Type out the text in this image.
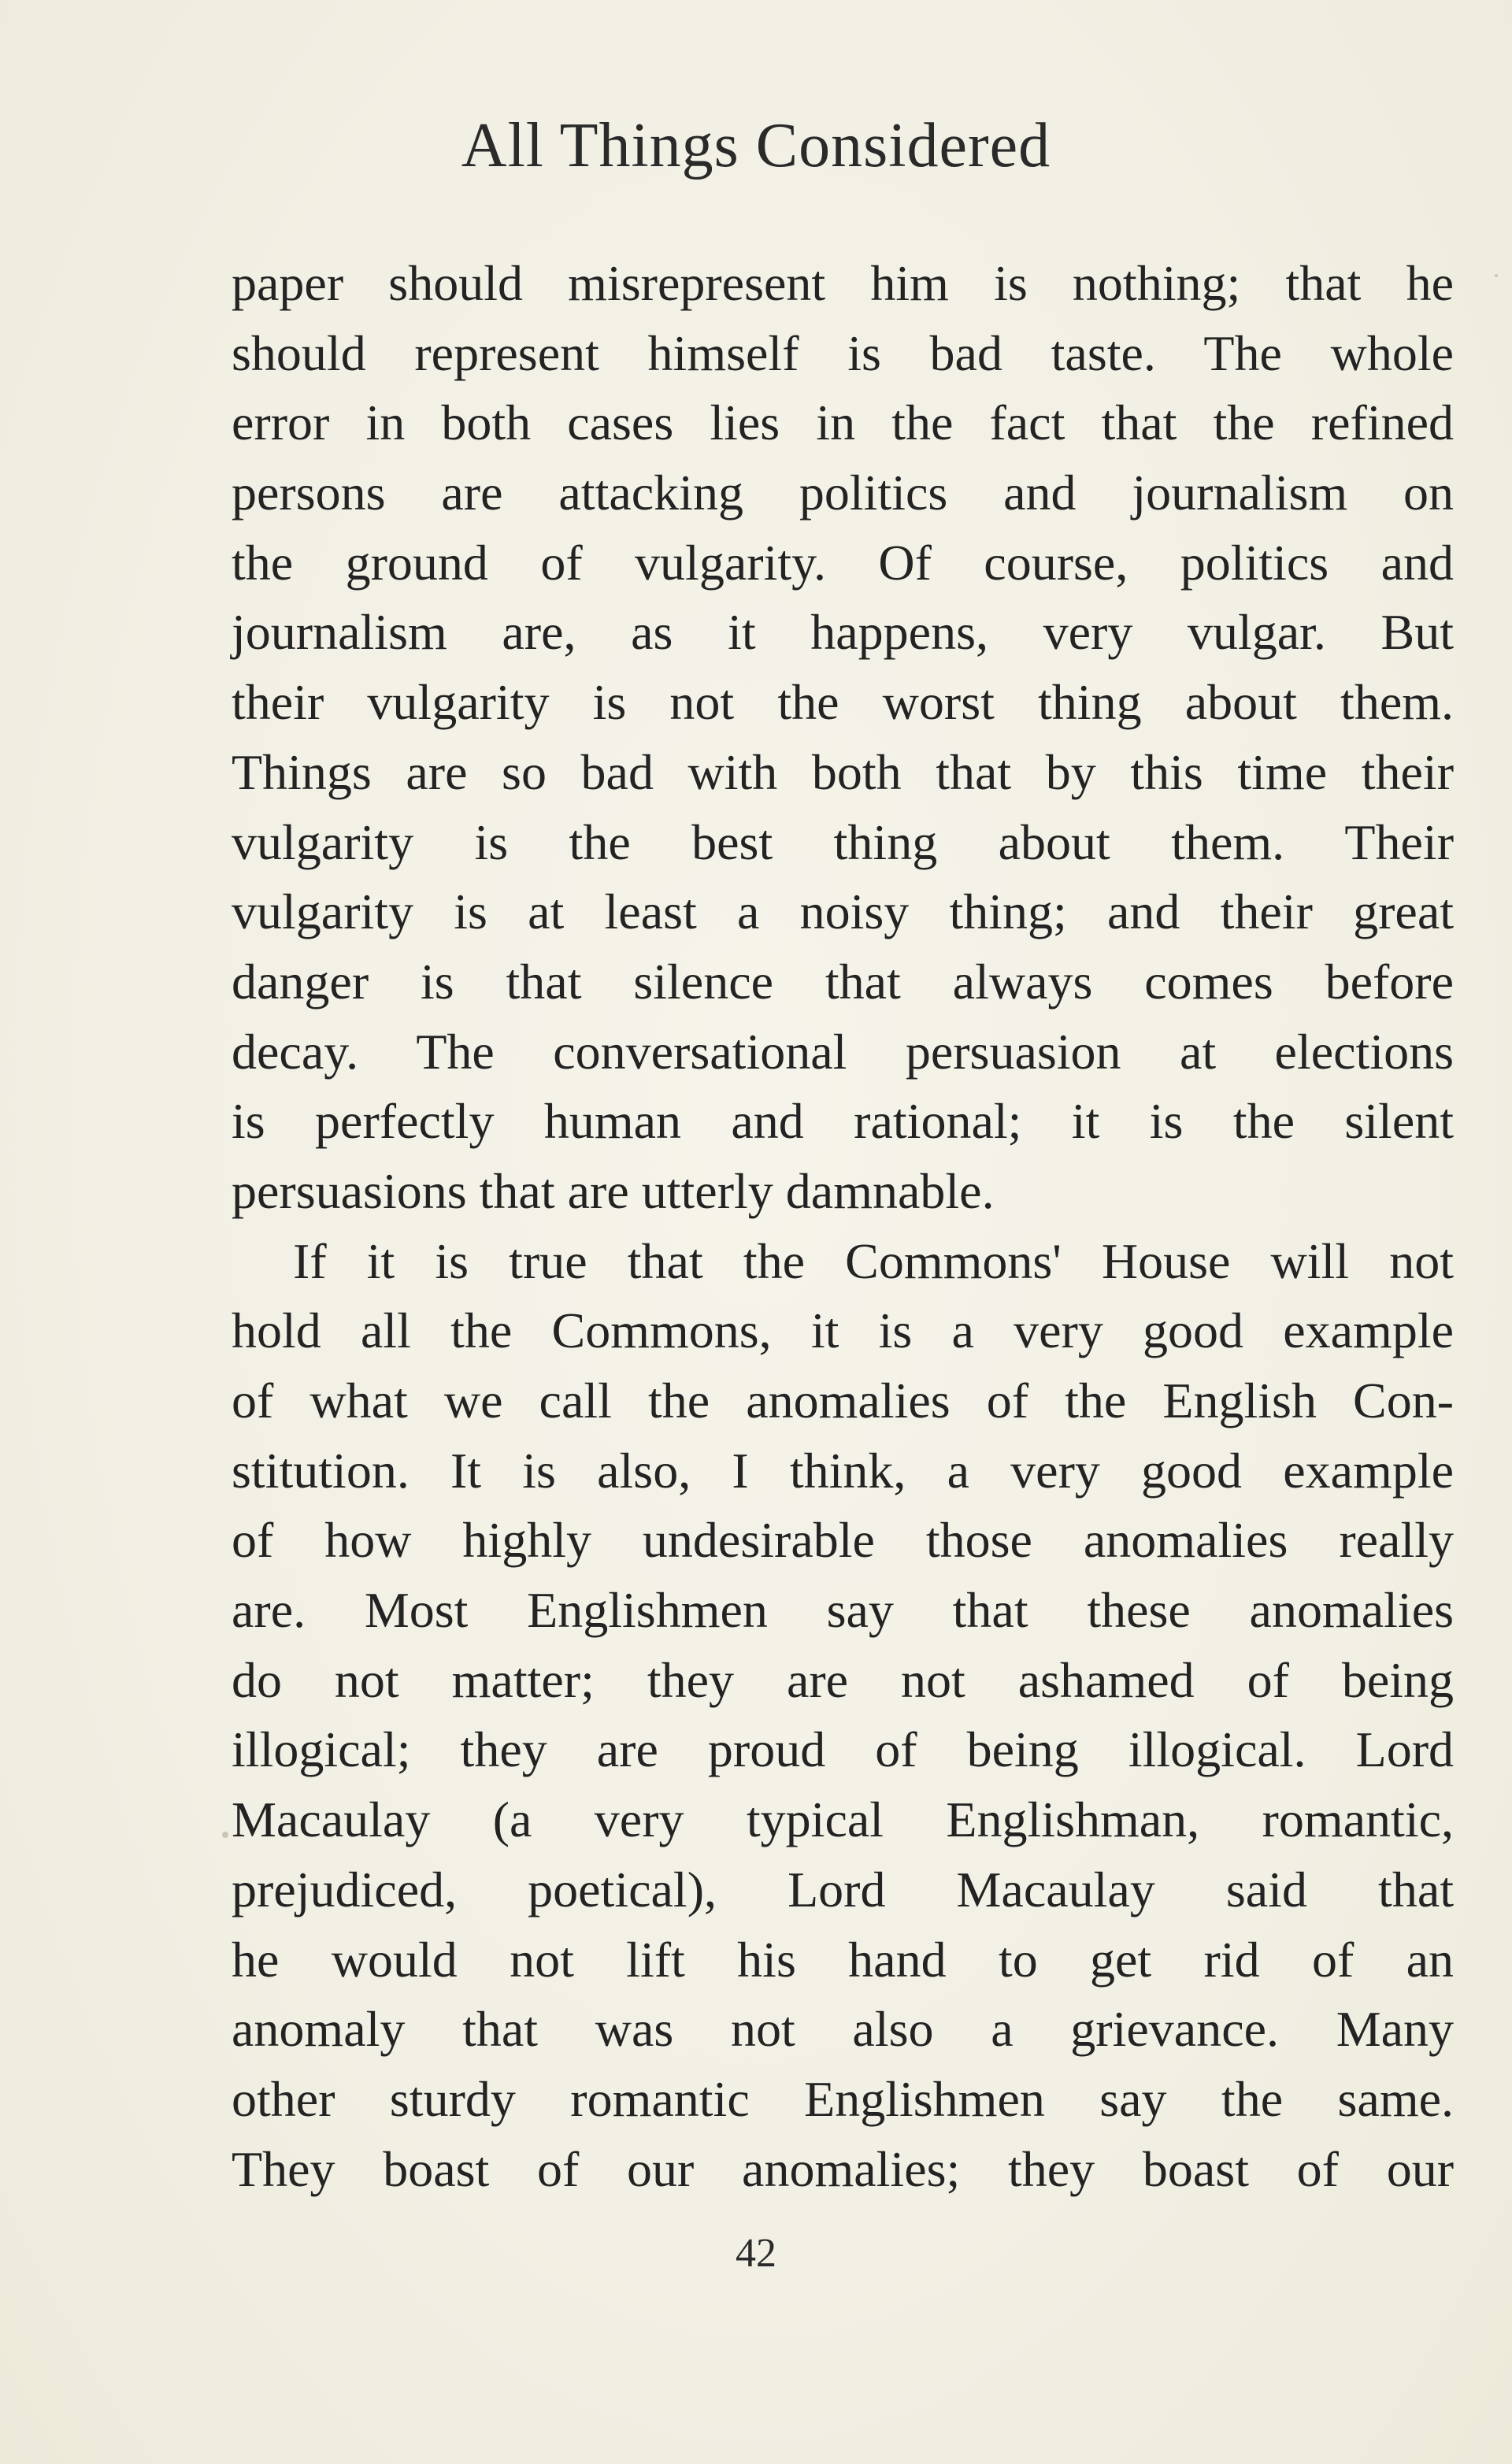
All Things Considered
paper should misrepresent him is nothing; that he
should represent himself is bad taste. The whole
error in both cases lies in the fact that the refined
persons are attacking politics and journalism on
the ground of vulgarity. Of course, politics and
journalism are, as it happens, very vulgar. But
their vulgarity is not the worst thing about them.
Things are so bad with both that by this time their
vulgarity is the best thing about them. Their
vulgarity is at least a noisy thing; and their great
danger is that silence that always comes before
decay. The conversational persuasion at elections
is perfectly human and rational; it is the silent
persuasions that are utterly damnable.
If it is true that the Commons' House will not
hold all the Commons, it is a very good example
of what we call the anomalies of the English Con-
stitution. It is also, I think, a very good example
of how highly undesirable those anomalies really
are. Most Englishmen say that these anomalies
do not matter; they are not ashamed of being
illogical; they are proud of being illogical. Lord
Macaulay (a very typical Englishman, romantic,
prejudiced, poetical), Lord Macaulay said that
he would not lift his hand to get rid of an
anomaly that was not also a grievance. Many
other sturdy romantic Englishmen say the same.
They boast of our anomalies; they boast of our
42
